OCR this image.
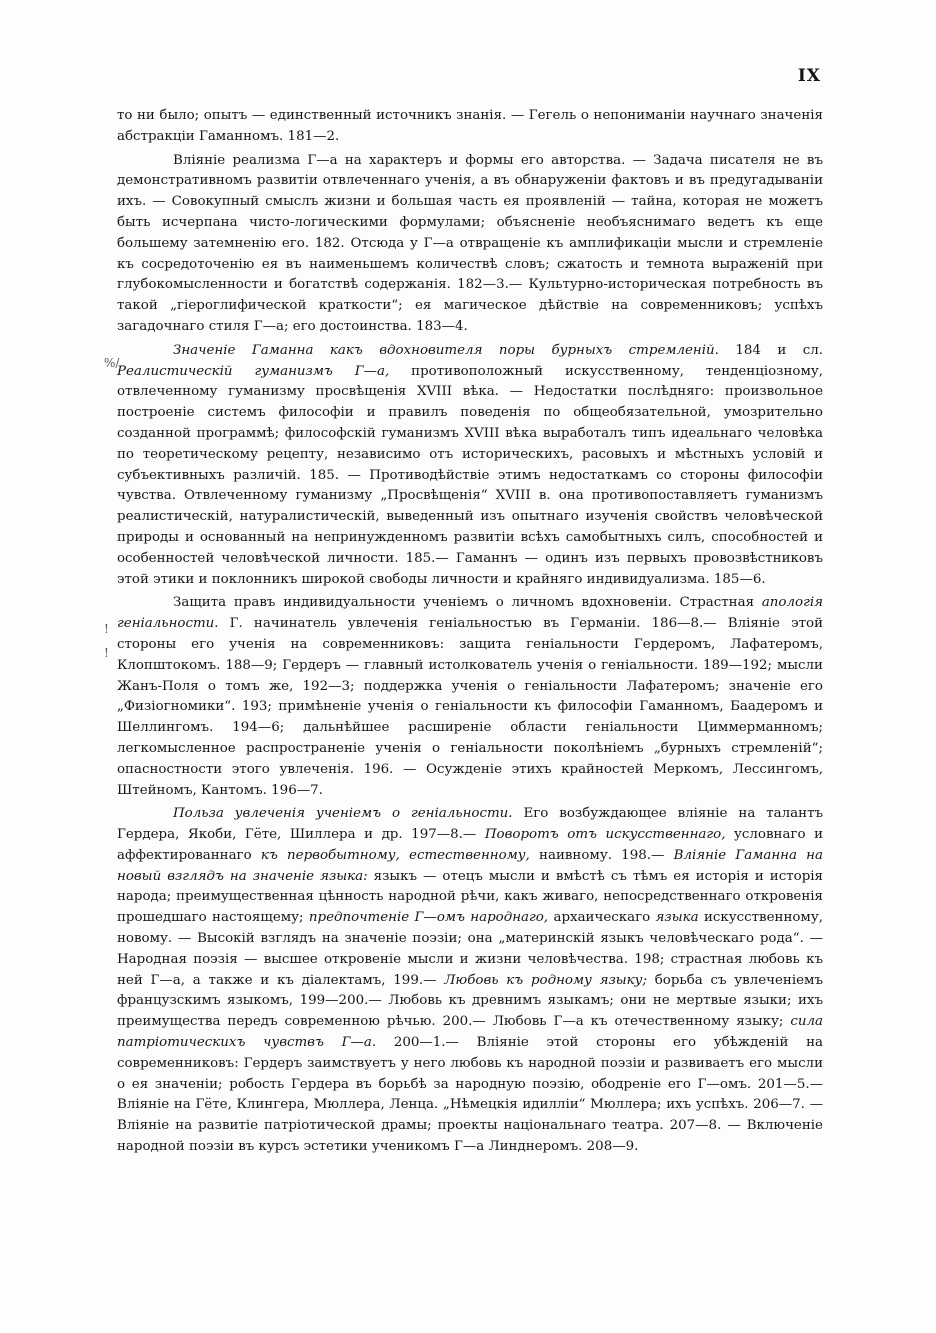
IX
%/
!
!

то ни было; опытъ — единственный источникъ знанія. — Гегель о непониманіи научнаго значенія абстракціи Гаманномъ. 181—2.

Вліяніе реализма Г—а на характеръ и формы его авторства. — Задача писателя не въ демонстративномъ развитіи отвлеченнаго ученія, а въ обнаруженіи фактовъ и въ предугадываніи ихъ. — Совокупный смыслъ жизни и большая часть ея проявленій — тайна, которая не можетъ быть исчерпана чисто-логическими формулами; объясненіе необъяснимаго ведетъ къ еще большему затемненію его. 182. Отсюда у Г—а отвращеніе къ амплификаціи мысли и стремленіе къ сосредоточенію ея въ наименьшемъ количествѣ словъ; сжатость и темнота выраженій при глубокомысленности и богатствѣ содержанія. 182—3.— Культурно-историческая потребность въ такой „гіероглифической краткости“; ея магическое дѣйствіе на современниковъ; успѣхъ загадочнаго стиля Г—а; его достоинства. 183—4.

Значеніе Гаманна какъ вдохновителя поры бурныхъ стремленій. 184 и сл. Реалистическій гуманизмъ Г—а, противоположный искусственному, тенденціозному, отвлеченному гуманизму просвѣщенія XVIII вѣка. — Недостатки послѣдняго: произвольное построеніе системъ философіи и правилъ поведенія по общеобязательной, умозрительно созданной программѣ; философскій гуманизмъ XVIII вѣка выработалъ типъ идеальнаго человѣка по теоретическому рецепту, независимо отъ историческихъ, расовыхъ и мѣстныхъ условій и субъективныхъ различій. 185. — Противодѣйствіе этимъ недостаткамъ со стороны философіи чувства. Отвлеченному гуманизму „Просвѣщенія“ XVIII в. она противопоставляетъ гуманизмъ реалистическій, натуралистическій, выведенный изъ опытнаго изученія свойствъ человѣческой природы и основанный на непринужденномъ развитіи всѣхъ самобытныхъ силъ, способностей и особенностей человѣческой личности. 185.— Гаманнъ — одинъ изъ первыхъ провозвѣстниковъ этой этики и поклонникъ широкой свободы личности и крайняго индивидуализма. 185—6.

Защита правъ индивидуальности ученіемъ о личномъ вдохновеніи. Страстная апологія геніальности. Г. начинатель увлеченія геніальностью въ Германіи. 186—8.— Вліяніе этой стороны его ученія на современниковъ: защита геніальности Гердеромъ, Лафатеромъ, Клопштокомъ. 188—9; Гердеръ — главный истолкователь ученія о геніальности. 189—192; мысли Жанъ-Поля о томъ же, 192—3; поддержка ученія о геніальности Лафатеромъ; значеніе его „Физіогномики“. 193; примѣненіе ученія о геніальности къ философіи Гаманномъ, Баадеромъ и Шеллингомъ. 194—6; дальнѣйшее расширеніе области геніальности Циммерманномъ; легкомысленное распространеніе ученія о геніальности поколѣніемъ „бурныхъ стремленій“; опасностности этого увлеченія. 196. — Осужденіе этихъ крайностей Меркомъ, Лессингомъ, Штейномъ, Кантомъ. 196—7.

Польза увлеченія ученіемъ о геніальности. Его возбуждающее вліяніе на талантъ Гердера, Якоби, Гёте, Шиллера и др. 197—8.— Поворотъ отъ искусственнаго, условнаго и аффектированнаго къ первобытному, естественному, наивному. 198.— Вліяніе Гаманна на новый взглядъ на значеніе языка: языкъ — отецъ мысли и вмѣстѣ съ тѣмъ ея исторія и исторія народа; преимущественная цѣнность народной рѣчи, какъ живаго, непосредственнаго откровенія прошедшаго настоящему; предпочтеніе Г—омъ народнаго, архаическаго языка искусственному, новому. — Высокій взглядъ на значеніе поэзіи; она „материнскій языкъ человѣческаго рода“. — Народная поэзія — высшее откровеніе мысли и жизни человѣчества. 198; страстная любовь къ ней Г—а, а также и къ діалектамъ, 199.— Любовь къ родному языку; борьба съ увлеченіемъ французскимъ языкомъ, 199—200.— Любовь къ древнимъ языкамъ; они не мертвые языки; ихъ преимущества передъ современною рѣчью. 200.— Любовь Г—а къ отечественному языку; сила патріотическихъ чувствъ Г—а. 200—1.— Вліяніе этой стороны его убѣжденій на современниковъ: Гердеръ заимствуетъ у него любовь къ народной поэзіи и развиваетъ его мысли о ея значеніи; робость Гердера въ борьбѣ за народную поэзію, ободреніе его Г—омъ. 201—5.— Вліяніе на Гёте, Клингера, Мюллера, Ленца. „Нѣмецкія идилліи“ Мюллера; ихъ успѣхъ. 206—7. — Вліяніе на развитіе патріотической драмы; проекты національнаго театра. 207—8. — Включеніе народной поэзіи въ курсъ эстетики ученикомъ Г—а Линднеромъ. 208—9.
